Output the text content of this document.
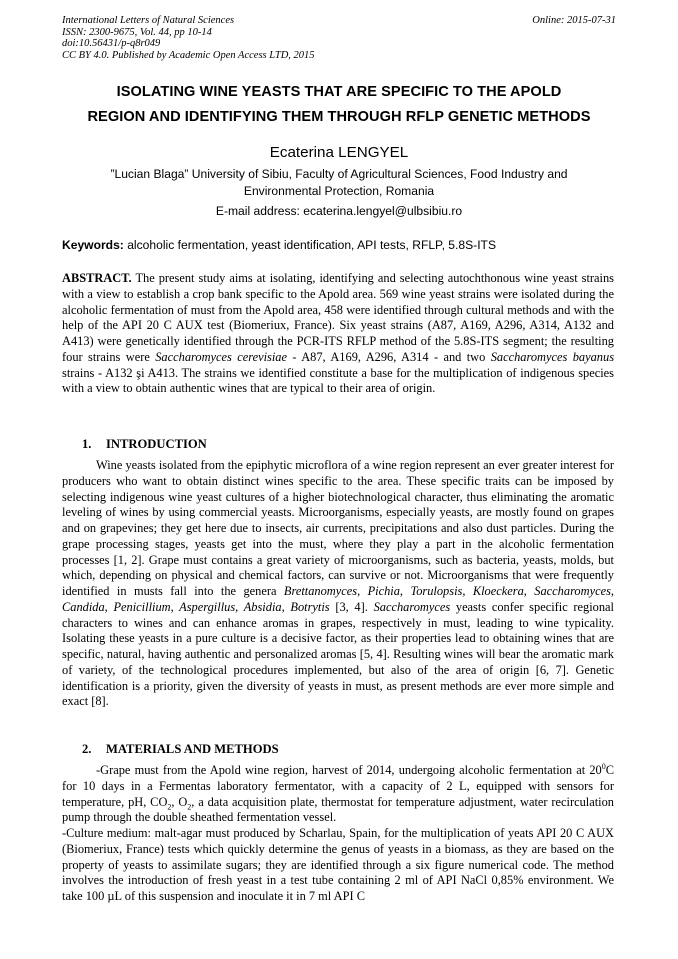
International Letters of Natural Sciences
ISSN: 2300-9675, Vol. 44, pp 10-14
doi:10.56431/p-q8r049
CC BY 4.0. Published by Academic Open Access LTD, 2015
Online: 2015-07-31
ISOLATING WINE YEASTS THAT ARE SPECIFIC TO THE APOLD
REGION AND IDENTIFYING THEM THROUGH RFLP GENETIC METHODS
Ecaterina LENGYEL
”Lucian Blaga” University of Sibiu, Faculty of Agricultural Sciences, Food Industry and
Environmental Protection, Romania
E-mail address: ecaterina.lengyel@ulbsibiu.ro
Keywords: alcoholic fermentation, yeast identification, API tests, RFLP, 5.8S-ITS
ABSTRACT. The present study aims at isolating, identifying and selecting autochthonous wine yeast strains with a view to establish a crop bank specific to the Apold area. 569 wine yeast strains were isolated during the alcoholic fermentation of must from the Apold area, 458 were identified through cultural methods and with the help of the API 20 C AUX test (Biomeriux, France). Six yeast strains (A87, A169, A296, A314, A132 and A413) were genetically identified through the PCR-ITS RFLP method of the 5.8S-ITS segment; the resulting four strains were Saccharomyces cerevisiae - A87, A169, A296, A314 - and two Saccharomyces bayanus strains - A132 şi A413. The strains we identified constitute a base for the multiplication of indigenous species with a view to obtain authentic wines that are typical to their area of origin.
1. INTRODUCTION

Wine yeasts isolated from the epiphytic microflora of a wine region represent an ever greater interest for producers who want to obtain distinct wines specific to the area. These specific traits can be imposed by selecting indigenous wine yeast cultures of a higher biotechnological character, thus eliminating the aromatic leveling of wines by using commercial yeasts. Microorganisms, especially yeasts, are mostly found on grapes and on grapevines; they get here due to insects, air currents, precipitations and also dust particles. During the grape processing stages, yeasts get into the must, where they play a part in the alcoholic fermentation processes [1, 2]. Grape must contains a great variety of microorganisms, such as bacteria, yeasts, molds, but which, depending on physical and chemical factors, can survive or not. Microorganisms that were frequently identified in musts fall into the genera Brettanomyces, Pichia, Torulopsis, Kloeckera, Saccharomyces, Candida, Penicillium, Aspergillus, Absidia, Botrytis [3, 4]. Saccharomyces yeasts confer specific regional characters to wines and can enhance aromas in grapes, respectively in must, leading to wine typicality. Isolating these yeasts in a pure culture is a decisive factor, as their properties lead to obtaining wines that are specific, natural, having authentic and personalized aromas [5, 4]. Resulting wines will bear the aromatic mark of variety, of the technological procedures implemented, but also of the area of origin [6, 7]. Genetic identification is a priority, given the diversity of yeasts in must, as present methods are ever more simple and exact [8].

2. MATERIALS AND METHODS

-Grape must from the Apold wine region, harvest of 2014, undergoing alcoholic fermentation at $20^0C$ for 10 days in a Fermentas laboratory fermentator, with a capacity of 2 L, equipped with sensors for temperature, pH, $CO_2$, $O_2$, a data acquisition plate, thermostat for temperature adjustment, water recirculation pump through the double sheathed fermentation vessel.

-Culture medium: malt-agar must produced by Scharlau, Spain, for the multiplication of yeats API 20 C AUX (Biomeriux, France) tests which quickly determine the genus of yeasts in a biomass, as they are based on the property of yeasts to assimilate sugars; they are identified through a six figure numerical code. The method involves the introduction of fresh yeast in a test tube containing 2 ml of API NaCl 0,85% environment. We take 100 µL of this suspension and inoculate it in 7 ml API C
